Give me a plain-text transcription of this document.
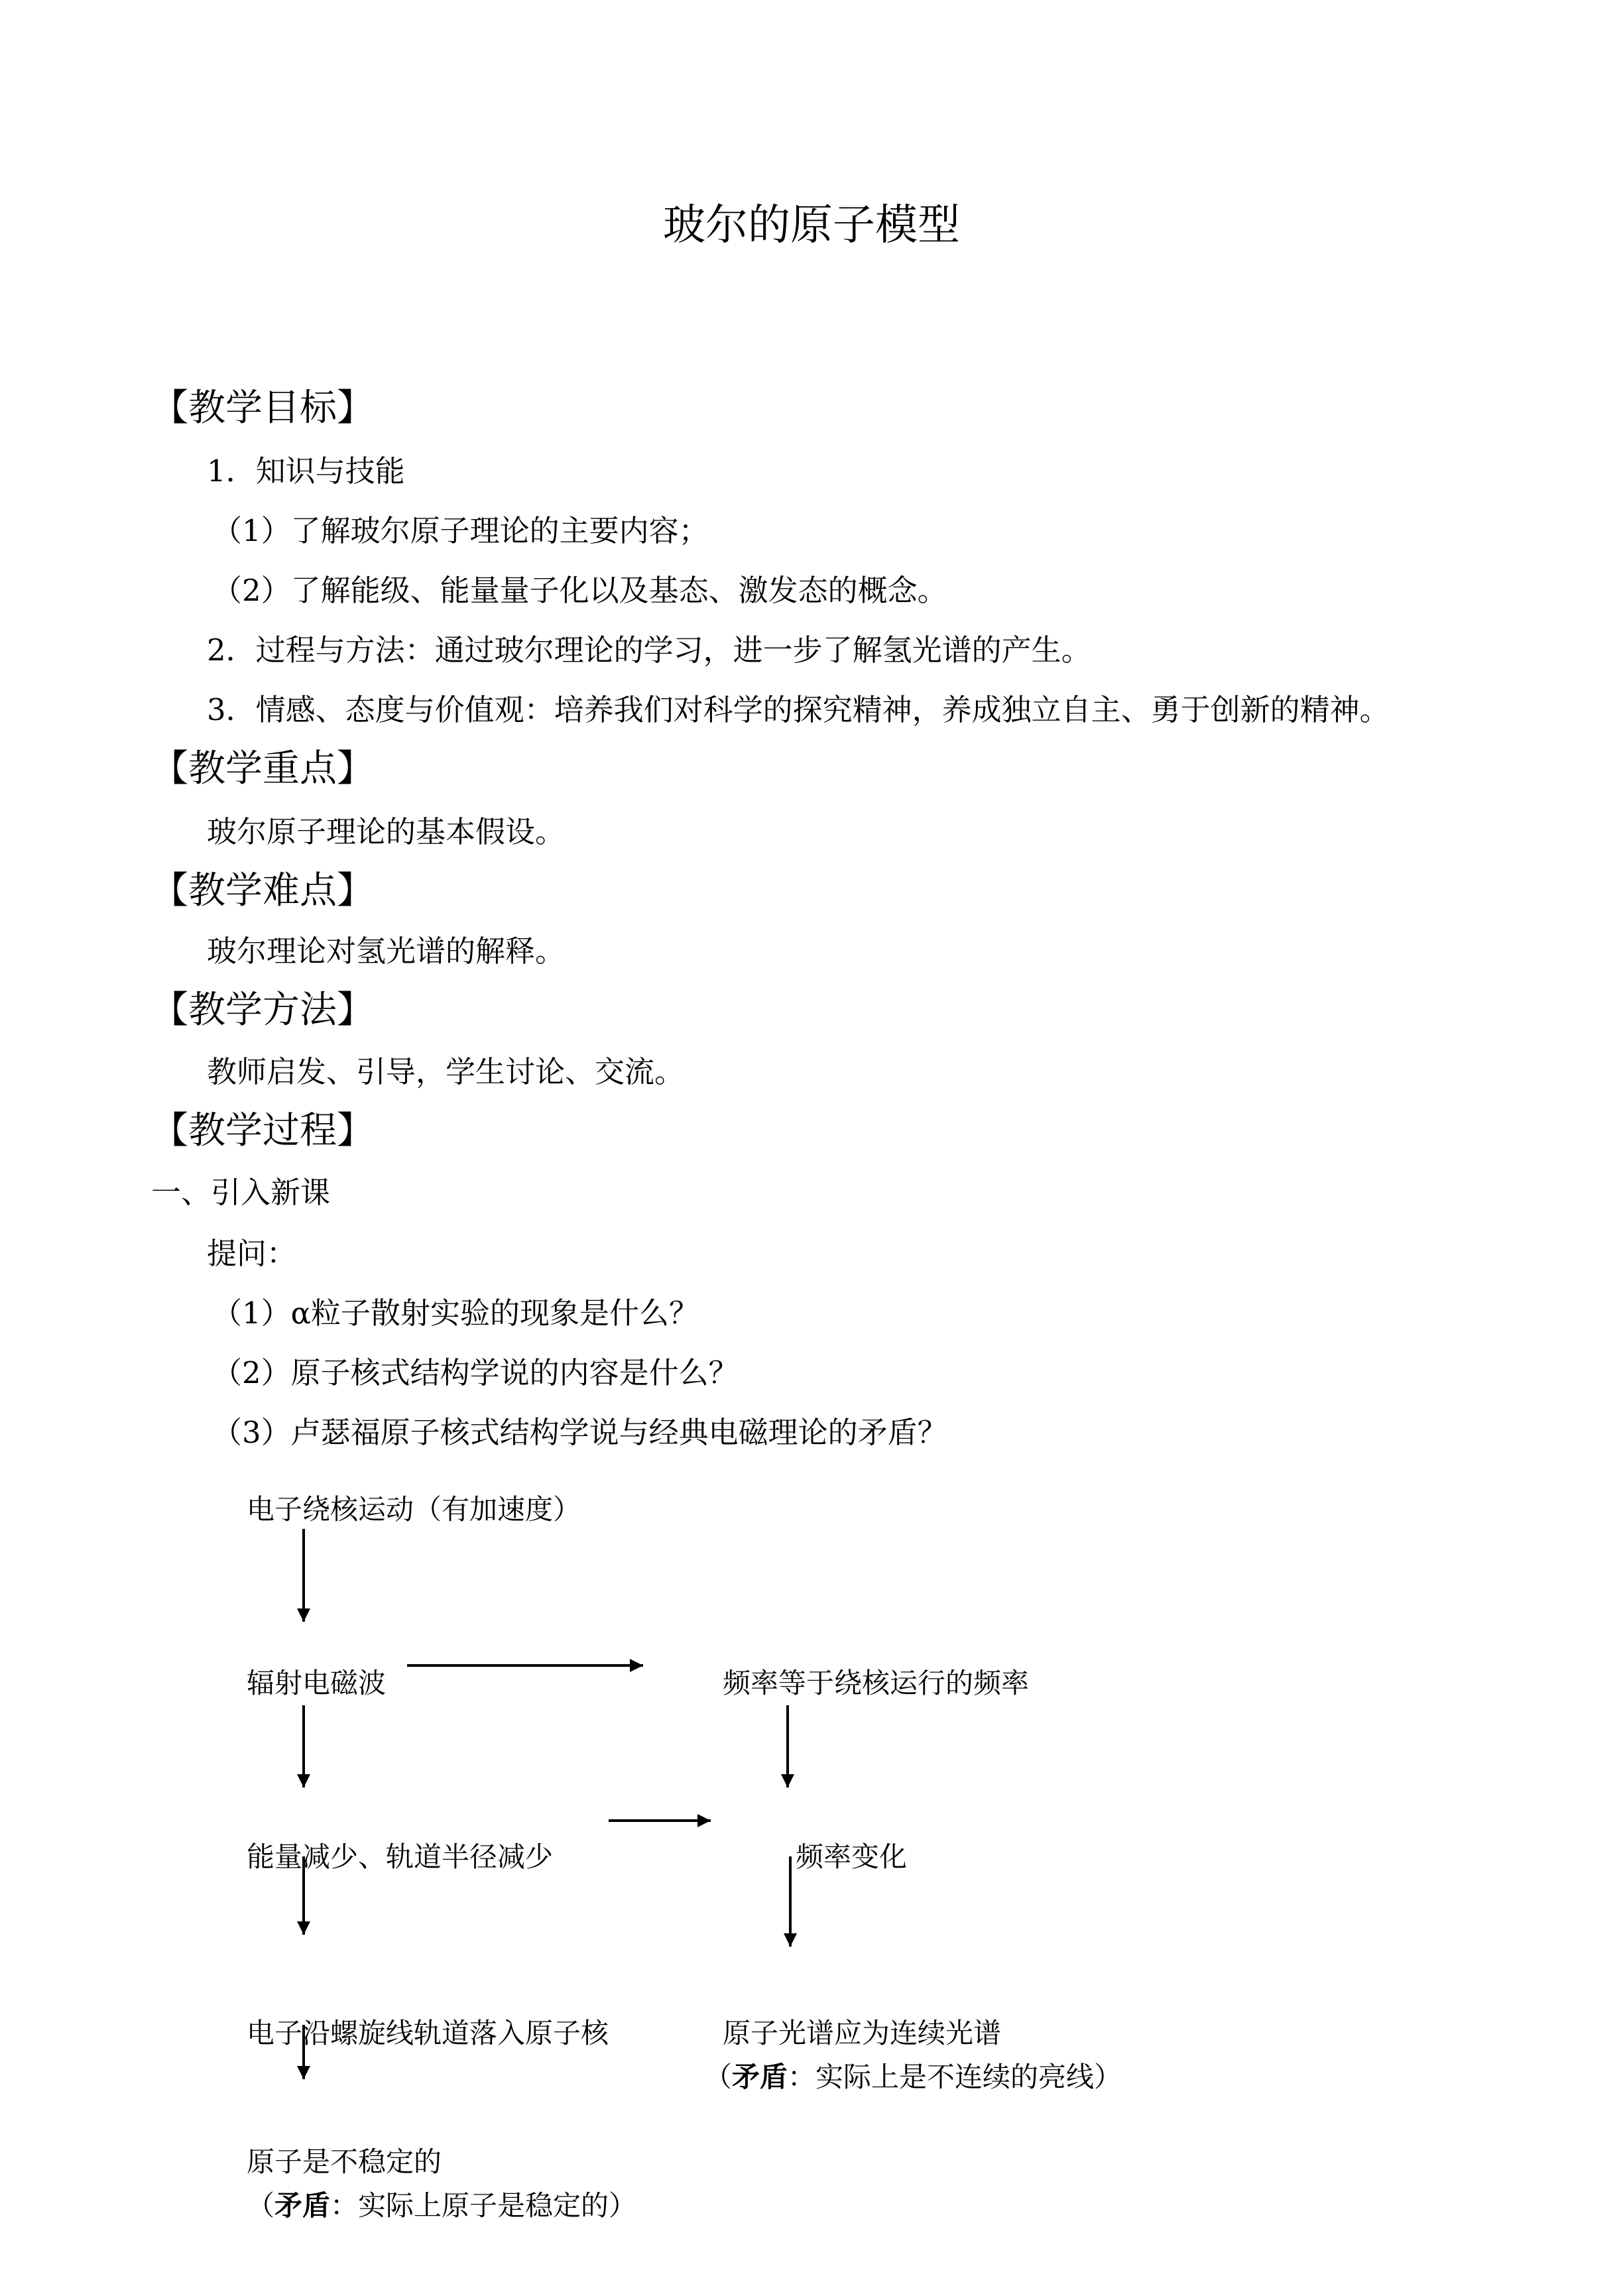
玻尔的原子模型
【教学目标】
1．知识与技能
（1）了解玻尔原子理论的主要内容；
（2）了解能级、能量量子化以及基态、激发态的概念。
2．过程与方法：通过玻尔理论的学习，进一步了解氢光谱的产生。
3．情感、态度与价值观：培养我们对科学的探究精神，养成独立自主、勇于创新的精神。
【教学重点】
玻尔原子理论的基本假设。
【教学难点】
玻尔理论对氢光谱的解释。
【教学方法】
教师启发、引导，学生讨论、交流。
【教学过程】
一、引入新课
提问：
（1）α粒子散射实验的现象是什么？
（2）原子核式结构学说的内容是什么？
（3）卢瑟福原子核式结构学说与经典电磁理论的矛盾？
电子绕核运动（有加速度）
辐射电磁波	频率等于绕核运行的频率
能量减少、轨道半径减少	频率变化
电子沿螺旋线轨道落入原子核	原子光谱应为连续光谱
（矛盾：实际上是不连续的亮线）
原子是不稳定的
（矛盾：实际上原子是稳定的）
